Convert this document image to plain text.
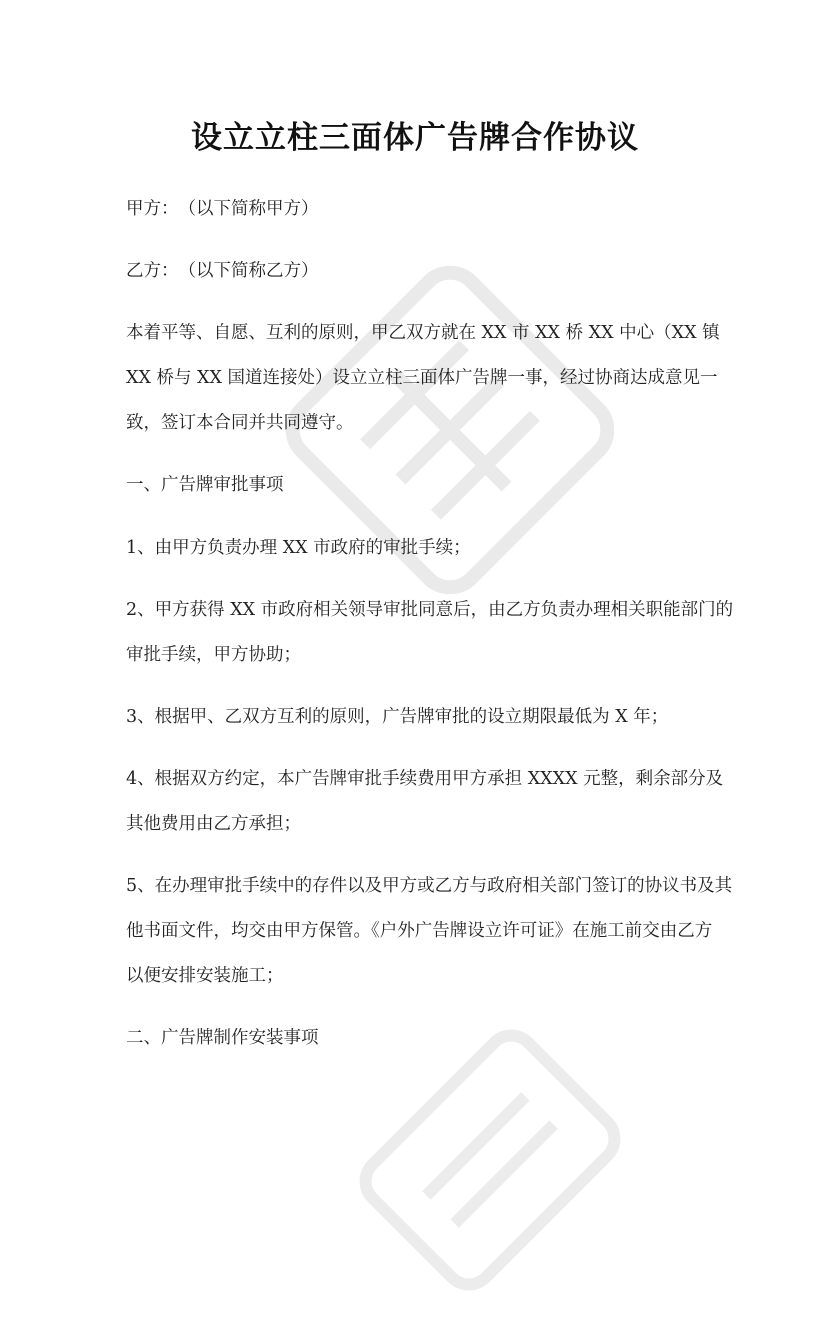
设立立柱三面体广告牌合作协议
甲方：　（以下简称甲方）
乙方：　（以下简称乙方）
本着平等、自愿、互利的原则，甲乙双方就在 XX 市 XX 桥 XX 中心（XX 镇
XX 桥与 XX 国道连接处）设立立柱三面体广告牌一事，经过协商达成意见一
致，签订本合同并共同遵守。
一、广告牌审批事项
1、由甲方负责办理 XX 市政府的审批手续；
2、甲方获得 XX 市政府相关领导审批同意后，由乙方负责办理相关职能部门的
审批手续，甲方协助；
3、根据甲、乙双方互利的原则，广告牌审批的设立期限最低为 X 年；
4、根据双方约定，本广告牌审批手续费用甲方承担 XXXX 元整，剩余部分及
其他费用由乙方承担；
5、在办理审批手续中的存件以及甲方或乙方与政府相关部门签订的协议书及其
他书面文件，均交由甲方保管。《户外广告牌设立许可证》在施工前交由乙方
以便安排安装施工；
二、广告牌制作安装事项
